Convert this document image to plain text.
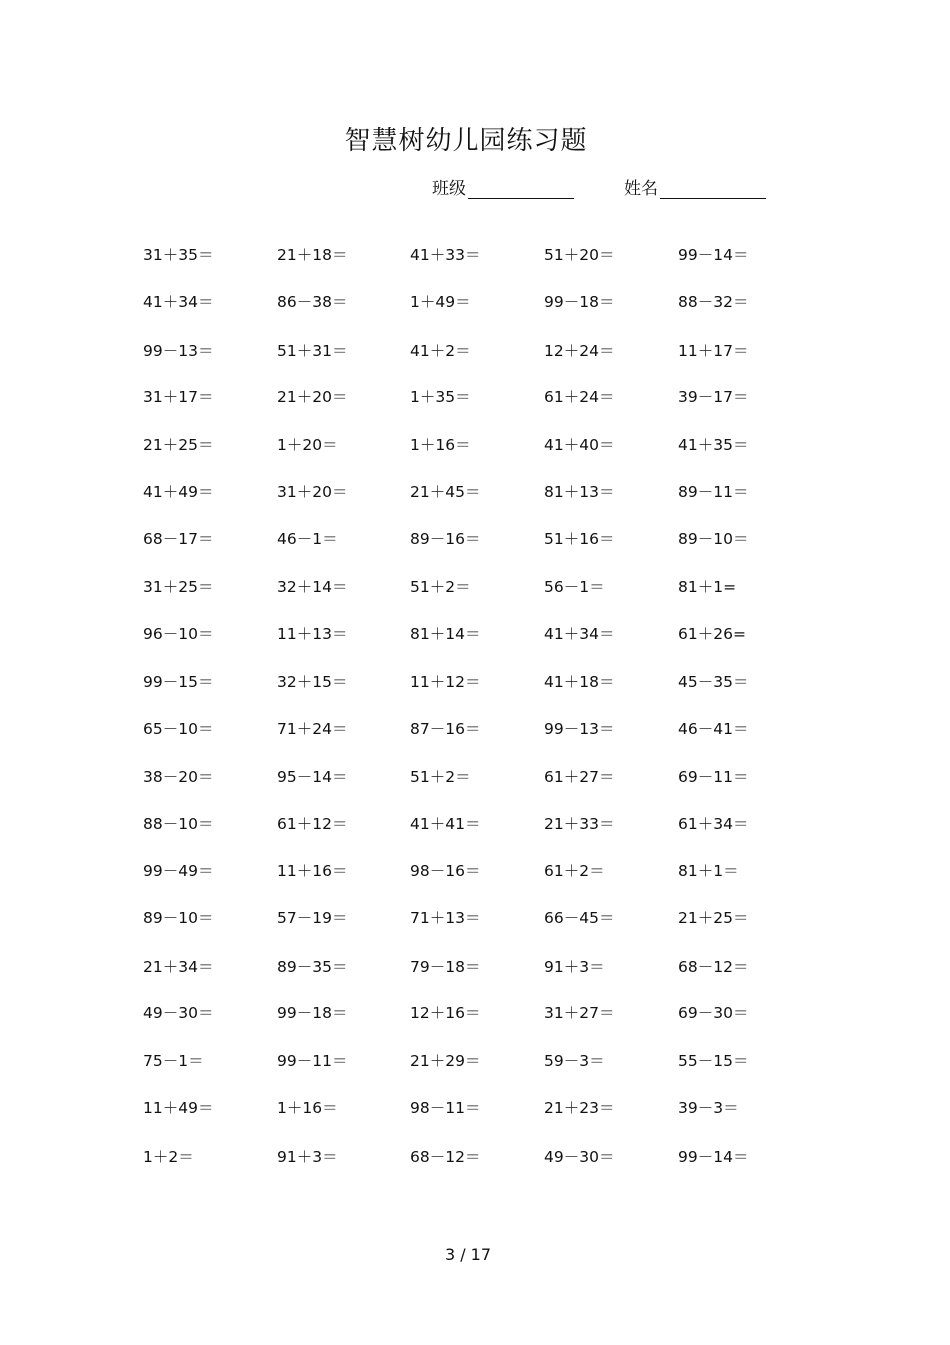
智慧树幼儿园练习题
班级	姓名
31＋35＝	21＋18＝	41＋33＝	51＋20＝	99－14＝
41＋34＝	86－38＝	1＋49＝	99－18＝	88－32＝
99－13＝	51＋31＝	41＋2＝	12＋24＝	11＋17＝
31＋17＝	21＋20＝	1＋35＝	61＋24＝	39－17＝
21＋25＝	1＋20＝	1＋16＝	41＋40＝	41＋35＝
41＋49＝	31＋20＝	21＋45＝	81＋13＝	89－11＝
68－17＝	46－1＝	89－16＝	51＋16＝	89－10＝
31＋25＝	32＋14＝	51＋2＝	56－1＝	81＋1=
96－10＝	11＋13＝	81＋14＝	41＋34＝	61＋26=
99－15＝	32＋15＝	11＋12＝	41＋18＝	45－35＝
65－10＝	71＋24＝	87－16＝	99－13＝	46－41＝
38－20＝	95－14＝	51＋2＝	61＋27＝	69－11＝
88－10＝	61＋12＝	41＋41＝	21＋33＝	61＋34＝
99－49＝	11＋16＝	98－16＝	61＋2＝	81＋1＝
89－10＝	57－19＝	71＋13＝	66－45＝	21＋25＝
21＋34＝	89－35＝	79－18＝	91＋3＝	68－12＝
49－30＝	99－18＝	12＋16＝	31＋27＝	69－30＝
75－1＝	99－11＝	21＋29＝	59－3＝	55－15＝
11＋49＝	1＋16＝	98－11＝	21＋23＝	39－3＝
1＋2＝	91＋3＝	68－12＝	49－30＝	99－14＝
3 / 17
